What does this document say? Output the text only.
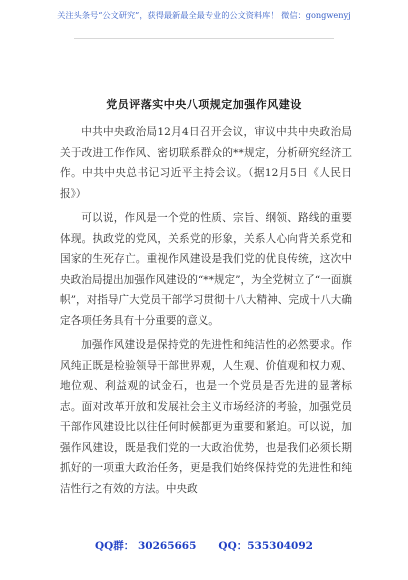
关注头条号“公文研究”，获得最新最全最专业的公文资料库！ 微信：gongwenyj
党员评落实中央八项规定加强作风建设

中共中央政治局12月4日召开会议，审议中共中央政治局关于改进工作作风、密切联系群众的**规定，分析研究经济工作。中共中央总书记习近平主持会议。（据12月5日《人民日报》）

可以说，作风是一个党的性质、宗旨、纲领、路线的重要体现。执政党的党风，关系党的形象，关系人心向背关系党和国家的生死存亡。重视作风建设是我们党的优良传统，这次中央政治局提出加强作风建设的“**规定”，为全党树立了“一面旗帜”，对指导广大党员干部学习贯彻十八大精神、完成十八大确定各项任务具有十分重要的意义。

加强作风建设是保持党的先进性和纯洁性的必然要求。作风纯正既是检验领导干部世界观，人生观、价值观和权力观、地位观、利益观的试金石，也是一个党员是否先进的显著标志。面对改革开放和发展社会主义市场经济的考验，加强党员干部作风建设比以往任何时候都更为重要和紧迫。可以说，加强作风建设，既是我们党的一大政治优势，也是我们必须长期抓好的一项重大政治任务，更是我们始终保持党的先进性和纯洁性行之有效的方法。中央政

QQ群： 30265665 QQ：535304092
